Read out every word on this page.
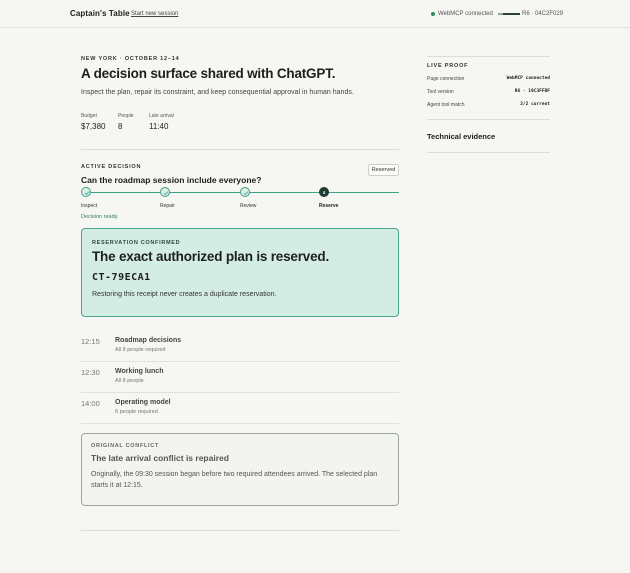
Captain's Table Start new session	WebMCP connected	R6 · 04C2F029
NEW YORK · OCTOBER 12–14
A decision surface shared with ChatGPT.
Inspect the plan, repair its constraint, and keep consequential approval in human hands.
Budget
$7,380
People
8
Late arrival
11:40
ACTIVE DECISION
Can the roadmap session include everyone?
Reserved
4
Inspect	Repair	Review	Reserve
Decision ready.
RESERVATION CONFIRMED
The exact authorized plan is reserved.
CT-79ECA1
Restoring this receipt never creates a duplicate reservation.
12:15 Roadmap decisions
All 8 people required
12:30 Working lunch
All 8 people
14:00 Operating model
6 people required
ORIGINAL CONFLICT
The late arrival conflict is repaired
Originally, the 09:30 session began before two required attendees arrived. The selected plan starts it at 12:15.
LIVE PROOF
Page connection	WebMCP connected
Tool version	R6 · 19C3FFBF
Agent tool match	2/2 current
Technical evidence
